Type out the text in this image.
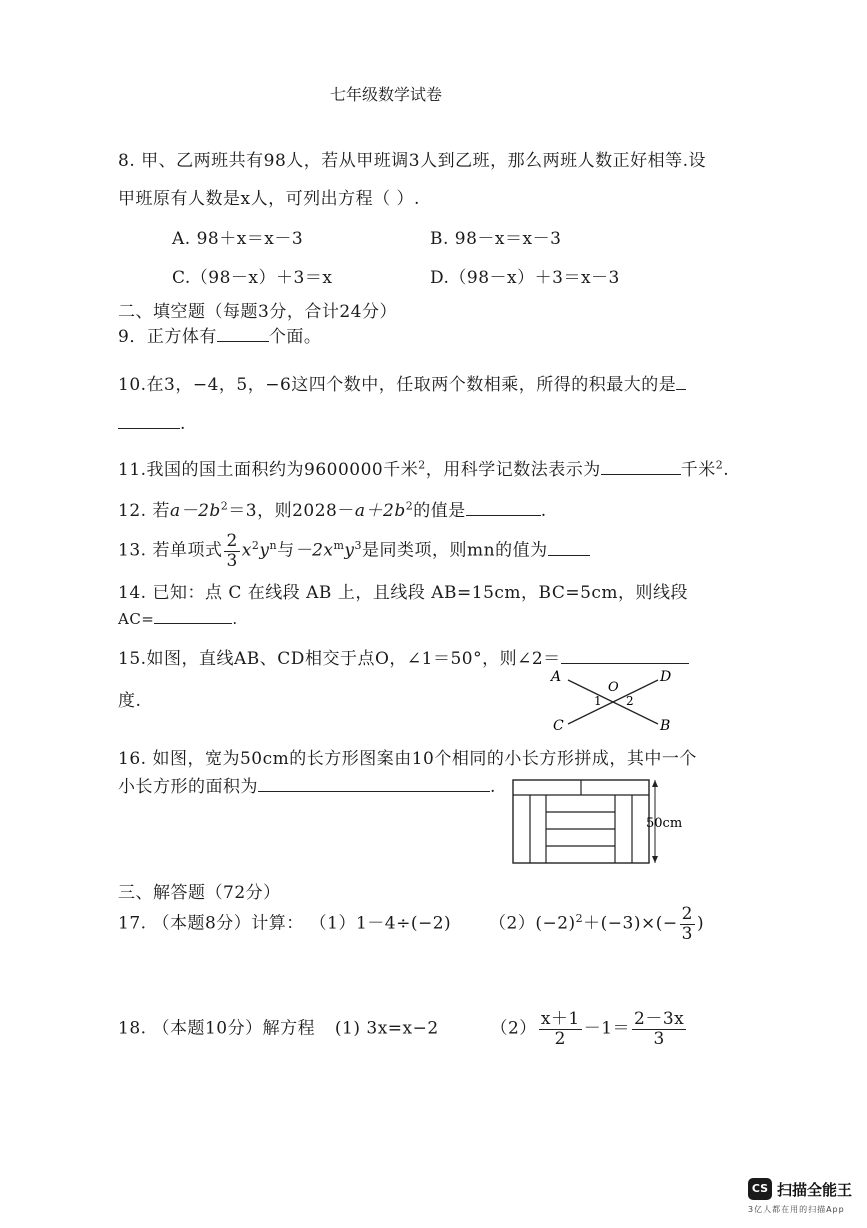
七年级数学试卷
8. 甲、乙两班共有98人，若从甲班调3人到乙班，那么两班人数正好相等.设
甲班原有人数是x人，可列出方程（ ）.
A. 98＋x＝x－3	B. 98－x＝x－3
C.（98－x）＋3＝x	D.（98－x）＋3＝x－3
二、填空题（每题3分，合计24分）
9．正方体有	个面。
10.在3，−4，5，−6这四个数中，任取两个数相乘，所得的积最大的是
.
11.我国的国土面积约为9600000千米$^2$，用科学记数法表示为	千米$^2$.
12. 若$a-2b^2=3$，则$2028-a+2b^2$的值是	.
13. 若单项式 $\frac{2}{3} x^2y^n$与$-2x^my^3$是同类项，则mn的值为
14. 已知：点 C 在线段 AB 上，且线段 AB=15cm，BC=5cm，则线段
AC=	.
15.如图，直线AB、CD相交于点O，∠1＝50°，则∠2＝
度.
A	D
C	B
O
1 2
16. 如图，宽为50cm的长方形图案由10个相同的小长方形拼成，其中一个
小长方形的面积为	.
50cm
三、解答题（72分）
17. （本题8分）计算： （1）1－4÷(−2) $(2)(-2)^2+(-3)\times(- \frac{2}{3}$ )
18. （本题10分）解方程 (1) 3x=x−2	$(2) \frac{x+1}{2} -1= \frac{2-3x}{3}$
CS 扫描全能王
3亿人都在用的扫描App
